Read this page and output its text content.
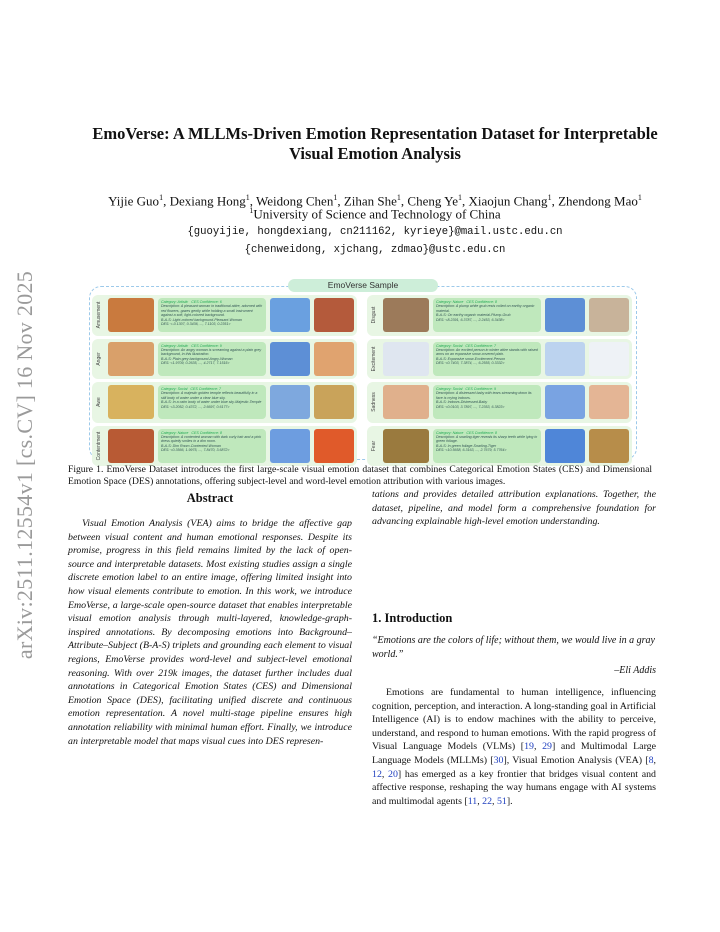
arXiv:2511.12554v1 [cs.CV] 16 Nov 2025
EmoVerse: A MLLMs-Driven Emotion Representation Dataset for Interpretable
Visual Emotion Analysis
Yijie Guo$^1$, Dexiang Hong$^1$, Weidong Chen$^1$, Zihan She$^1$, Cheng Ye$^1$, Xiaojun Chang$^1$, Zhendong Mao$^1$
$^1$University of Science and Technology of China
{guoyijie, hongdexiang, cn211162, kyrieye}@mail.ustc.edu.cn
{chenweidong, xjchang, zdmao}@ustc.edu.cn
EmoVerse Sample
Amusement	Category: Artistic CES Confidence: 6
Description: A pleasant woman in traditional attire, adorned with red flowers, gazes gently while holding a small instrument against a soft, light-colored background.
B-A-S: Light-colored background-Pleasant-Woman
DES: <-0.1307, 0.3436, ..., 7.1103, 0.2351>
Anger
Category: Artistic CES Confidence: 9
Description: An angry woman is screaming against a plain grey background, in this illustration.
B-A-S: Plain grey background-Angry-Woman
DES: <1.9709, 0.2635, ..., 4.2717, 7.1515>
Awe
Category: Social CES Confidence: 7
Description: A majestic golden temple reflects beautifully in a still body of water under a clear blue sky.
B-A-S: In a calm body of water under blue sky-Majestic-Temple
DES: <3.2052, 0.4372, ..., 2.6697, 0.6177>
Contentment	Category: Nature CES Confidence: 8
Description: A contented woman with dark curly hair and a pink dress quietly smiles in a dim room.
B-A-S: Dim Room-Contented-Woman
DES: <0.3566, 1.9975, ..., 7.8470, 3.6872>
Disgust
Category: Nature CES Confidence: 8
Description: A plump white grub rests coiled on earthy organic material.
B-A-S: On earthy organic material-Plump-Grub
DES: <8.2391, 6.3787, ..., 2.2453, 6.3438>
Excitement
Category: Social CES Confidence: 7
Description: An excited person in winter attire stands with raised arms on an expansive snow-covered plain.
B-A-S: Expansive snow-Excitement-Person
DES: <0.7403, 7.3874, ..., 6.2555, 0.3332>
Sadness
Category: Social CES Confidence: 9
Description: A distressed baby with tears streaming down its face is crying indoors.
B-A-S: Indoors-Distressed-Baby
DES: <0.0103, 3.7897, ..., 7.2353, 6.3823>
Fear
Category: Nature CES Confidence: 8
Description: A snarling tiger reveals its sharp teeth while lying in green foliage.
B-A-S: In green foliage-Snarling-Tiger
DES: <10.5658, 6.3163, ..., 2.7679, 5.7764>
Figure 1. EmoVerse Dataset introduces the first large-scale visual emotion dataset that combines Categorical Emotion States (CES) and Dimensional Emotion Space (DES) annotations, offering subject-level and word-level emotion attribution with various images.
Abstract
Visual Emotion Analysis (VEA) aims to bridge the affective gap between visual content and human emotional responses. Despite its promise, progress in this field remains limited by the lack of open-source and interpretable datasets. Most existing studies assign a single discrete emotion label to an entire image, offering limited insight into how visual elements contribute to emotion. In this work, we introduce EmoVerse, a large-scale open-source dataset that enables interpretable visual emotion analysis through multi-layered, knowledge-graph-inspired annotations. By decomposing emotions into Background–Attribute–Subject (B-A-S) triplets and grounding each element to visual regions, EmoVerse provides word-level and subject-level emotional reasoning. With over 219k images, the dataset further includes dual annotations in Categorical Emotion States (CES) and Dimensional Emotion Space (DES), facilitating unified discrete and continuous emotion representation. A novel multi-stage pipeline ensures high annotation reliability with minimal human effort. Finally, we introduce an interpretable model that maps visual cues into DES represen-
tations and provides detailed attribution explanations. Together, the dataset, pipeline, and model form a comprehensive foundation for advancing explainable high-level emotion understanding.
1. Introduction
“Emotions are the colors of life; without them, we would live in a gray world.”
–Eli Addis
Emotions are fundamental to human intelligence, influencing cognition, perception, and interaction. A long-standing goal in Artificial Intelligence (AI) is to endow machines with the ability to perceive, understand, and respond to human emotions. With the rapid progress of Visual Language Models (VLMs) [19, 29] and Multimodal Large Language Models (MLLMs) [30], Visual Emotion Analysis (VEA) [8, 12, 20] has emerged as a key frontier that bridges visual content and affective response, reshaping the way humans engage with AI systems and multimodal agents [11, 22, 51].
